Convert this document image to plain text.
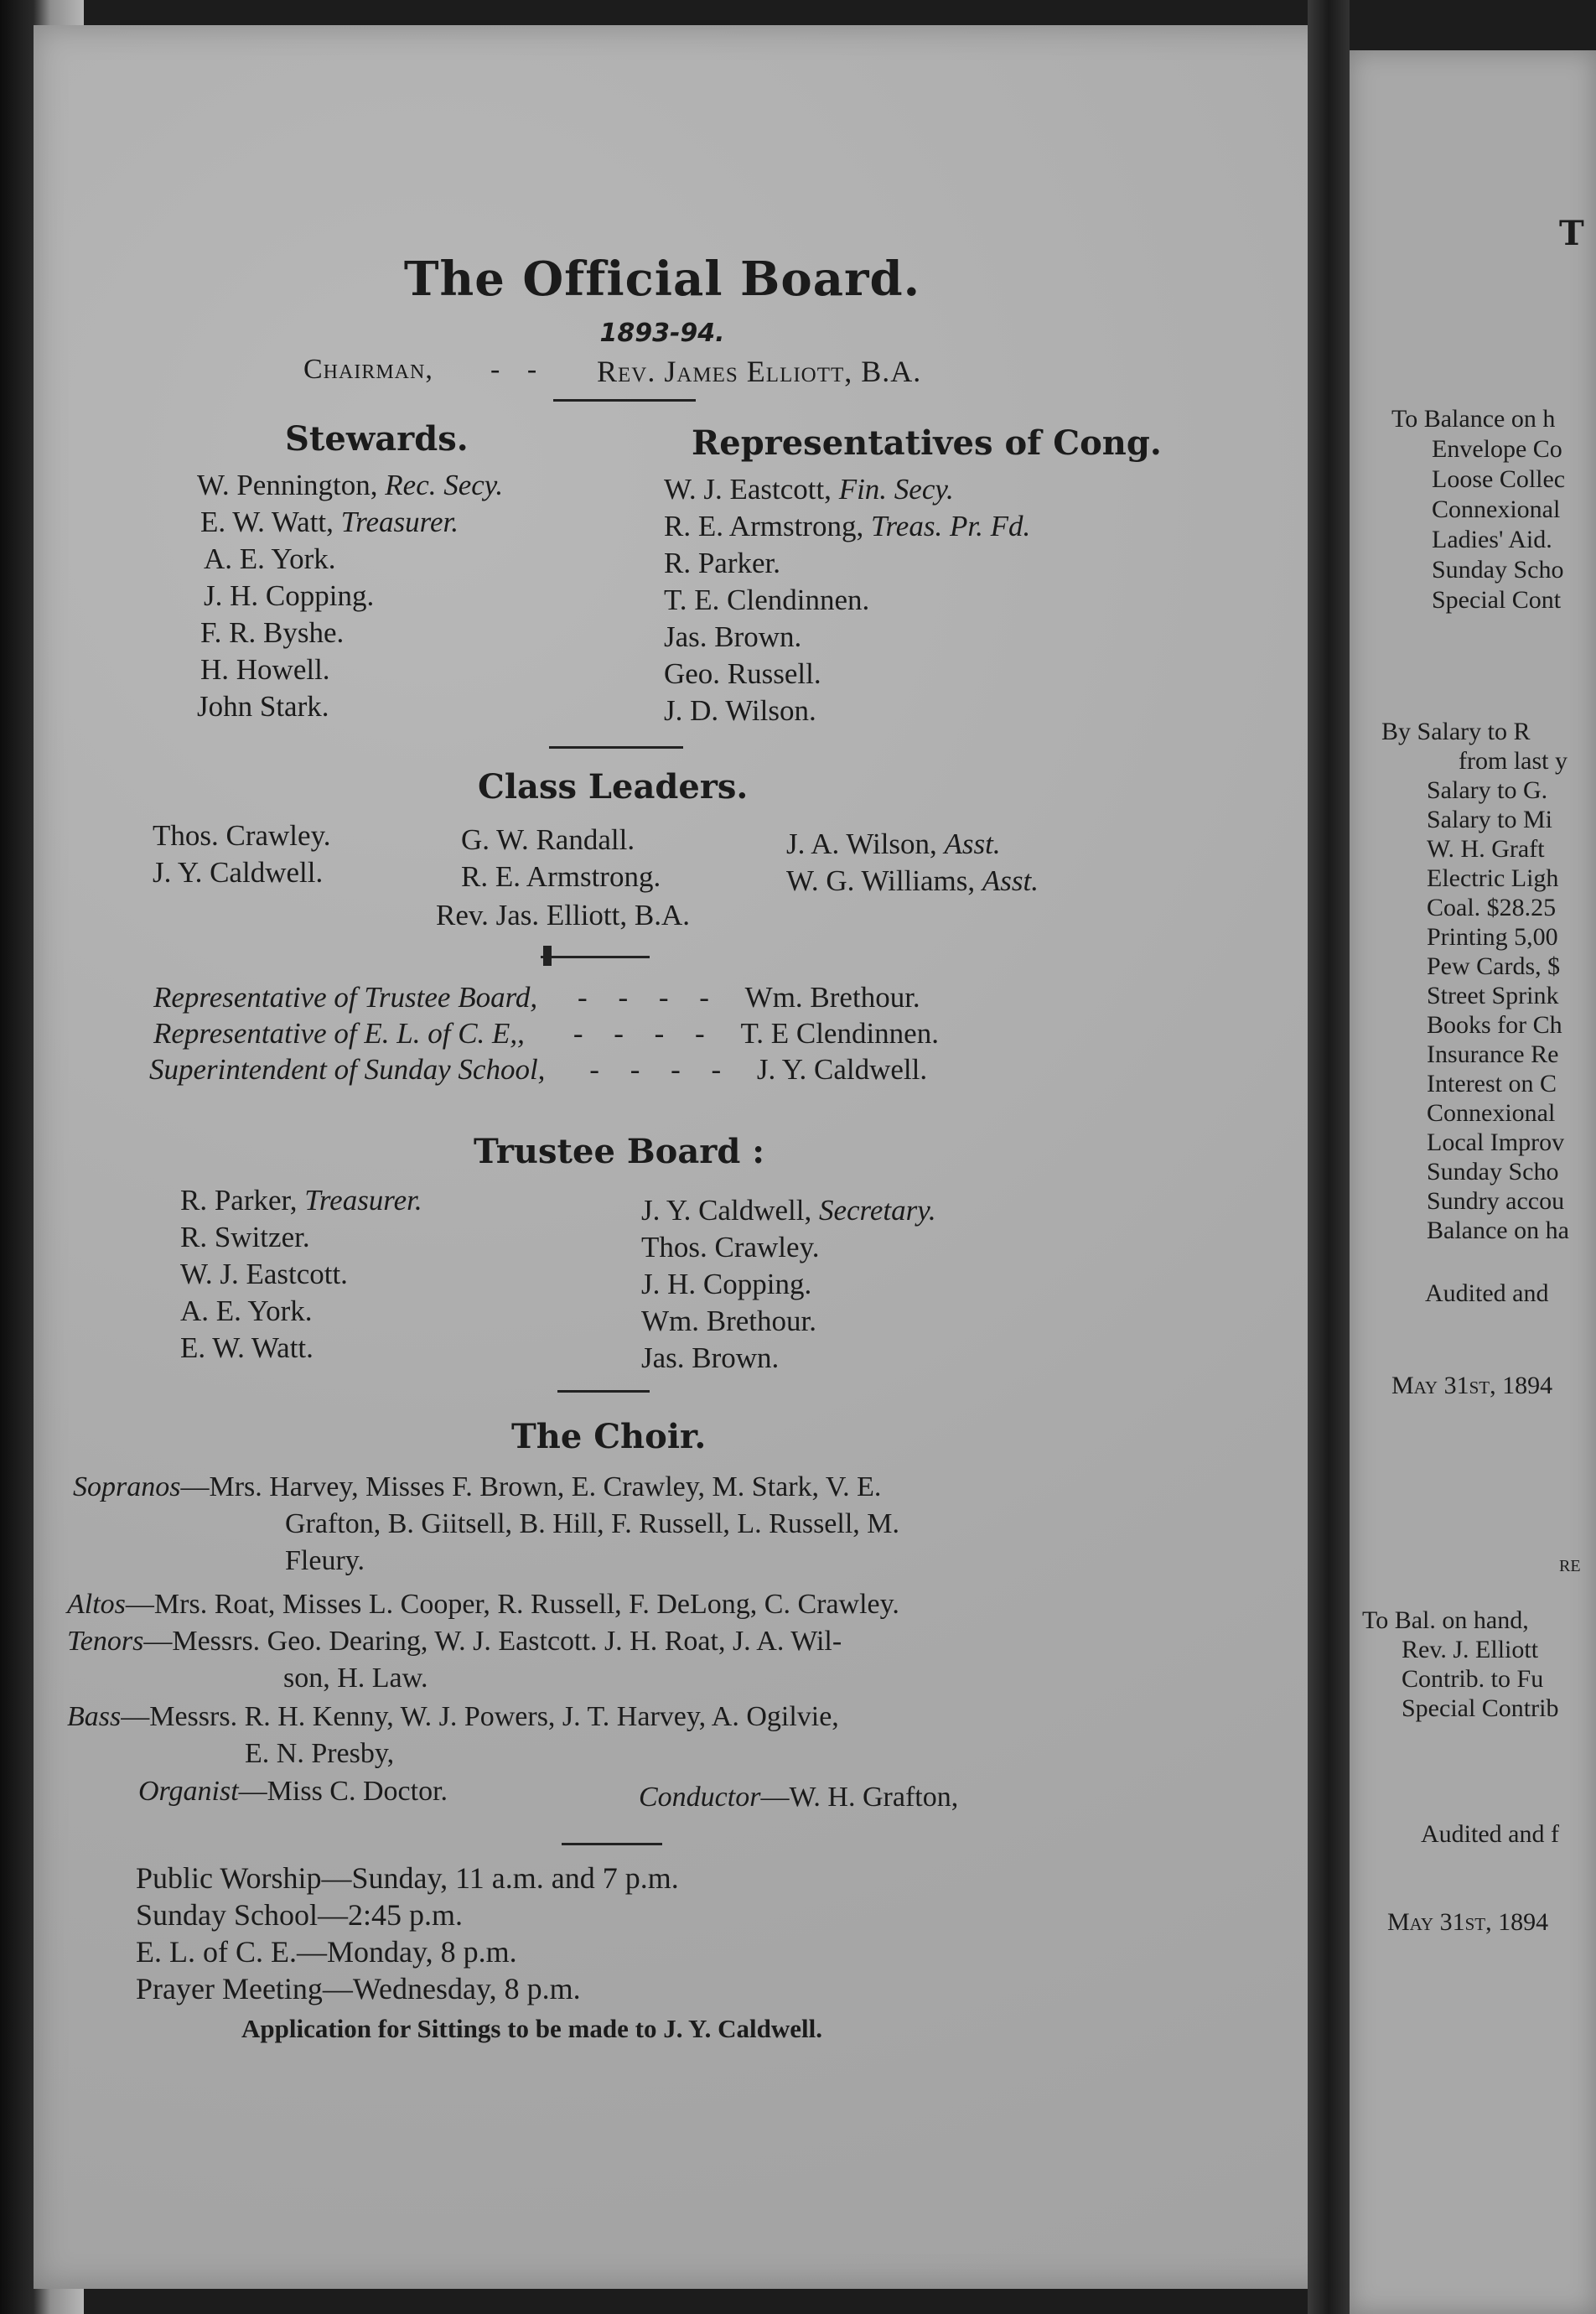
The Official Board.
1893-94.
Chairman, - - Rev. James Elliott, B.A.
Stewards.
W. Pennington, Rec. Secy.
E. W. Watt, Treasurer.
A. E. York.
J. H. Copping.
F. R. Byshe.
H. Howell.
John Stark.
Representatives of Cong.
W. J. Eastcott, Fin. Secy.
R. E. Armstrong, Treas. Pr. Fd.
R. Parker.
T. E. Clendinnen.
Jas. Brown.
Geo. Russell.
J. D. Wilson.
Class Leaders.
Thos. Crawley.
J. Y. Caldwell.
G. W. Randall.
R. E. Armstrong.
J. A. Wilson, Asst.
W. G. Williams, Asst.
Rev. Jas. Elliott, B.A.
Representative of Trustee Board, - - - - Wm. Brethour.
Representative of E. L. of C. E,, - - - - T. E Clendinnen.
Superintendent of Sunday School, - - - - J. Y. Caldwell.
Trustee Board :
R. Parker, Treasurer.
R. Switzer.
W. J. Eastcott.
A. E. York.
E. W. Watt.
J. Y. Caldwell, Secretary.
Thos. Crawley.
J. H. Copping.
Wm. Brethour.
Jas. Brown.
The Choir.
Sopranos—Mrs. Harvey, Misses F. Brown, E. Crawley, M. Stark, V. E.
Grafton, B. Giitsell, B. Hill, F. Russell, L. Russell, M.
Fleury.
Altos—Mrs. Roat, Misses L. Cooper, R. Russell, F. DeLong, C. Crawley.
Tenors—Messrs. Geo. Dearing, W. J. Eastcott. J. H. Roat, J. A. Wil-
son, H. Law.
Bass—Messrs. R. H. Kenny, W. J. Powers, J. T. Harvey, A. Ogilvie,
E. N. Presby,
Organist—Miss C. Doctor.	Conductor—W. H. Grafton,
Public Worship—Sunday, 11 a.m. and 7 p.m.
Sunday School—2:45 p.m.
E. L. of C. E.—Monday, 8 p.m.
Prayer Meeting—Wednesday, 8 p.m.
Application for Sittings to be made to J. Y. Caldwell.
T
To Balance on h
Envelope Co
Loose Collec
Connexional
Ladies' Aid.
Sunday Scho
Special Cont
By Salary to R
from last y
Salary to G.
Salary to Mi
W. H. Graft
Electric Ligh
Coal. $28.25
Printing 5,00
Pew Cards, $
Street Sprink
Books for Ch
Insurance Re
Interest on C
Connexional
Local Improv
Sunday Scho
Sundry accou
Balance on ha
Audited and
May 31st, 1894
RE
To Bal. on hand,
Rev. J. Elliott
Contrib. to Fu
Special Contrib
Audited and f
May 31st, 1894
